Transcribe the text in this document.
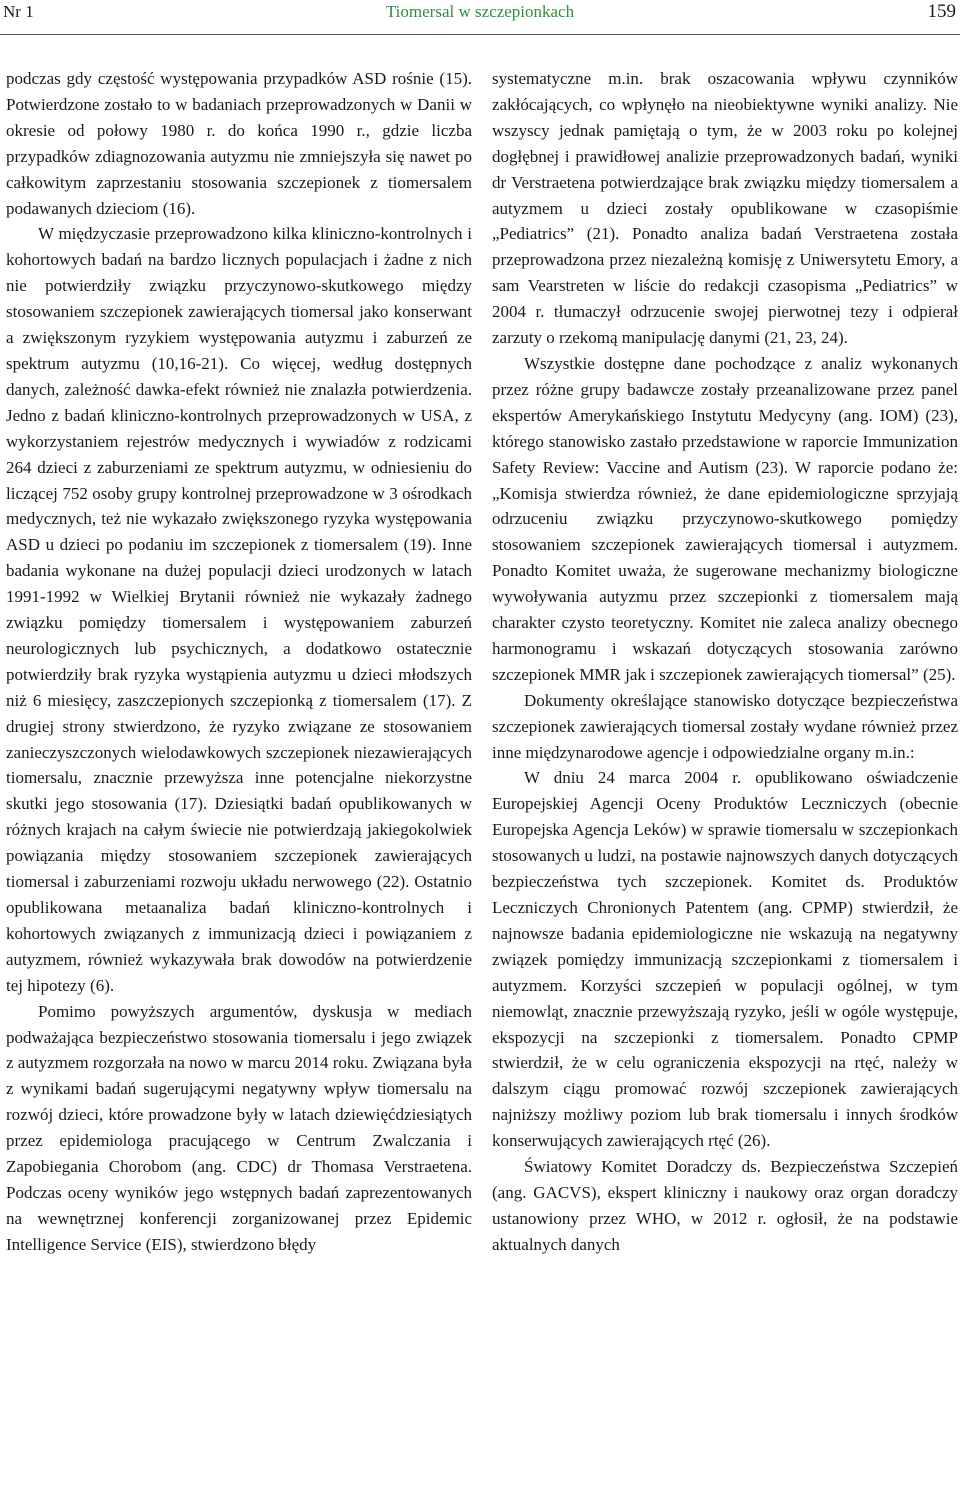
Nr 1	Tiomersal w szczepionkach	159

podczas gdy częstość występowania przypadków ASD rośnie (15). Potwierdzone zostało to w badaniach przeprowadzonych w Danii w okresie od połowy 1980 r. do końca 1990 r., gdzie liczba przypadków zdiagnozowania autyzmu nie zmniejszyła się nawet po całkowitym zaprzestaniu stosowania szczepionek z tiomersalem podawanych dzieciom (16).

W międzyczasie przeprowadzono kilka kliniczno-kontrolnych i kohortowych badań na bardzo licznych populacjach i żadne z nich nie potwierdziły związku przyczynowo-skutkowego między stosowaniem szczepionek zawierających tiomersal jako konserwant a zwiększonym ryzykiem występowania autyzmu i zaburzeń ze spektrum autyzmu (10,16-21). Co więcej, według dostępnych danych, zależność dawka-efekt również nie znalazła potwierdzenia. Jedno z badań kliniczno-kontrolnych przeprowadzonych w USA, z wykorzystaniem rejestrów medycznych i wywiadów z rodzicami 264 dzieci z zaburzeniami ze spektrum autyzmu, w odniesieniu do liczącej 752 osoby grupy kontrolnej przeprowadzone w 3 ośrodkach medycznych, też nie wykazało zwiększonego ryzyka występowania ASD u dzieci po podaniu im szczepionek z tiomersalem (19). Inne badania wykonane na dużej populacji dzieci urodzonych w latach 1991-1992 w Wielkiej Brytanii również nie wykazały żadnego związku pomiędzy tiomersalem i występowaniem zaburzeń neurologicznych lub psychicznych, a dodatkowo ostatecznie potwierdziły brak ryzyka wystąpienia autyzmu u dzieci młodszych niż 6 miesięcy, zaszczepionych szczepionką z tiomersalem (17). Z drugiej strony stwierdzono, że ryzyko związane ze stosowaniem zanieczyszczonych wielodawkowych szczepionek niezawierających tiomersalu, znacznie przewyższa inne potencjalne niekorzystne skutki jego stosowania (17). Dziesiątki badań opublikowanych w różnych krajach na całym świecie nie potwierdzają jakiegokolwiek powiązania między stosowaniem szczepionek zawierających tiomersal i zaburzeniami rozwoju układu nerwowego (22). Ostatnio opublikowana metaanaliza badań kliniczno-kontrolnych i kohortowych związanych z immunizacją dzieci i powiązaniem z autyzmem, również wykazywała brak dowodów na potwierdzenie tej hipotezy (6).

Pomimo powyższych argumentów, dyskusja w mediach podważająca bezpieczeństwo stosowania tiomersalu i jego związek z autyzmem rozgorzała na nowo w marcu 2014 roku. Związana była z wynikami badań sugerującymi negatywny wpływ tiomersalu na rozwój dzieci, które prowadzone były w latach dziewięćdziesiątych przez epidemiologa pracującego w Centrum Zwalczania i Zapobiegania Chorobom (ang. CDC) dr Thomasa Verstraetena. Podczas oceny wyników jego wstępnych badań zaprezentowanych na wewnętrznej konferencji zorganizowanej przez Epidemic Intelligence Service (EIS), stwierdzono błędy

systematyczne m.in. brak oszacowania wpływu czynników zakłócających, co wpłynęło na nieobiektywne wyniki analizy. Nie wszyscy jednak pamiętają o tym, że w 2003 roku po kolejnej dogłębnej i prawidłowej analizie przeprowadzonych badań, wyniki dr Verstraetena potwierdzające brak związku między tiomersalem a autyzmem u dzieci zostały opublikowane w czasopiśmie „Pediatrics” (21). Ponadto analiza badań Verstraetena została przeprowadzona przez niezależną komisję z Uniwersytetu Emory, a sam Vearstreten w liście do redakcji czasopisma „Pediatrics” w 2004 r. tłumaczył odrzucenie swojej pierwotnej tezy i odpierał zarzuty o rzekomą manipulację danymi (21, 23, 24).

Wszystkie dostępne dane pochodzące z analiz wykonanych przez różne grupy badawcze zostały przeanalizowane przez panel ekspertów Amerykańskiego Instytutu Medycyny (ang. IOM) (23), którego stanowisko zastało przedstawione w raporcie Immunization Safety Review: Vaccine and Autism (23). W raporcie podano że: „Komisja stwierdza również, że dane epidemiologiczne sprzyjają odrzuceniu związku przyczynowo-skutkowego pomiędzy stosowaniem szczepionek zawierających tiomersal i autyzmem. Ponadto Komitet uważa, że sugerowane mechanizmy biologiczne wywoływania autyzmu przez szczepionki z tiomersalem mają charakter czysto teoretyczny. Komitet nie zaleca analizy obecnego harmonogramu i wskazań dotyczących stosowania zarówno szczepionek MMR jak i szczepionek zawierających tiomersal” (25).

Dokumenty określające stanowisko dotyczące bezpieczeństwa szczepionek zawierających tiomersal zostały wydane również przez inne międzynarodowe agencje i odpowiedzialne organy m.in.:

W dniu 24 marca 2004 r. opublikowano oświadczenie Europejskiej Agencji Oceny Produktów Leczniczych (obecnie Europejska Agencja Leków) w sprawie tiomersalu w szczepionkach stosowanych u ludzi, na postawie najnowszych danych dotyczących bezpieczeństwa tych szczepionek. Komitet ds. Produktów Leczniczych Chronionych Patentem (ang. CPMP) stwierdził, że najnowsze badania epidemiologiczne nie wskazują na negatywny związek pomiędzy immunizacją szczepionkami z tiomersalem i autyzmem. Korzyści szczepień w populacji ogólnej, w tym niemowląt, znacznie przewyższają ryzyko, jeśli w ogóle występuje, ekspozycji na szczepionki z tiomersalem. Ponadto CPMP stwierdził, że w celu ograniczenia ekspozycji na rtęć, należy w dalszym ciągu promować rozwój szczepionek zawierających najniższy możliwy poziom lub brak tiomersalu i innych środków konserwujących zawierających rtęć (26).

Światowy Komitet Doradczy ds. Bezpieczeństwa Szczepień (ang. GACVS), ekspert kliniczny i naukowy oraz organ doradczy ustanowiony przez WHO, w 2012 r. ogłosił, że na podstawie aktualnych danych
